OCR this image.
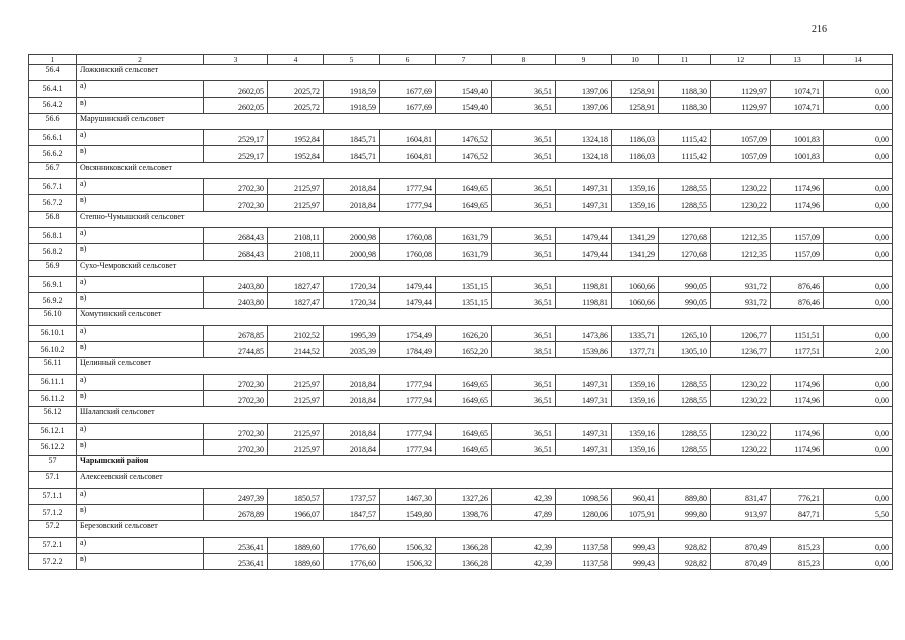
216
1	2	3	4	5	6	7	8	9	10	11	12	13	14
56.4	Ложкинский сельсовет												
56.4.1	а)	2602,05	2025,72	1918,59	1677,69	1549,40	36,51	1397,06	1258,91	1188,30	1129,97	1074,71	0,00
56.4.2	в)	2602,05	2025,72	1918,59	1677,69	1549,40	36,51	1397,06	1258,91	1188,30	1129,97	1074,71	0,00
56.6	Марушинский сельсовет												
56.6.1	а)	2529,17	1952,84	1845,71	1604,81	1476,52	36,51	1324,18	1186,03	1115,42	1057,09	1001,83	0,00
56.6.2	в)	2529,17	1952,84	1845,71	1604,81	1476,52	36,51	1324,18	1186,03	1115,42	1057,09	1001,83	0,00
56.7	Овсянниковский сельсовет												
56.7.1	а)	2702,30	2125,97	2018,84	1777,94	1649,65	36,51	1497,31	1359,16	1288,55	1230,22	1174,96	0,00
56.7.2	в)	2702,30	2125,97	2018,84	1777,94	1649,65	36,51	1497,31	1359,16	1288,55	1230,22	1174,96	0,00
56.8	Степно-Чумышский сельсовет												
56.8.1	а)	2684,43	2108,11	2000,98	1760,08	1631,79	36,51	1479,44	1341,29	1270,68	1212,35	1157,09	0,00
56.8.2	в)	2684,43	2108,11	2000,98	1760,08	1631,79	36,51	1479,44	1341,29	1270,68	1212,35	1157,09	0,00
56.9	Сухо-Чемровский сельсовет												
56.9.1	а)	2403,80	1827,47	1720,34	1479,44	1351,15	36,51	1198,81	1060,66	990,05	931,72	876,46	0,00
56.9.2	в)	2403,80	1827,47	1720,34	1479,44	1351,15	36,51	1198,81	1060,66	990,05	931,72	876,46	0,00
56.10	Хомутинский сельсовет												
56.10.1	а)	2678,85	2102,52	1995,39	1754,49	1626,20	36,51	1473,86	1335,71	1265,10	1206,77	1151,51	0,00
56.10.2	в)	2744,85	2144,52	2035,39	1784,49	1652,20	38,51	1539,86	1377,71	1305,10	1236,77	1177,51	2,00
56.11	Целинный сельсовет												
56.11.1	а)	2702,30	2125,97	2018,84	1777,94	1649,65	36,51	1497,31	1359,16	1288,55	1230,22	1174,96	0,00
56.11.2	в)	2702,30	2125,97	2018,84	1777,94	1649,65	36,51	1497,31	1359,16	1288,55	1230,22	1174,96	0,00
56.12	Шалапский сельсовет												
56.12.1	а)	2702,30	2125,97	2018,84	1777,94	1649,65	36,51	1497,31	1359,16	1288,55	1230,22	1174,96	0,00
56.12.2	в)	2702,30	2125,97	2018,84	1777,94	1649,65	36,51	1497,31	1359,16	1288,55	1230,22	1174,96	0,00
57	Чарышский район												
57.1	Алексеевский сельсовет												
57.1.1	а)	2497,39	1850,57	1737,57	1467,30	1327,26	42,39	1098,56	960,41	889,80	831,47	776,21	0,00
57.1.2	в)	2678,89	1966,07	1847,57	1549,80	1398,76	47,89	1280,06	1075,91	999,80	913,97	847,71	5,50
57.2	Березовский сельсовет												
57.2.1	а)	2536,41	1889,60	1776,60	1506,32	1366,28	42,39	1137,58	999,43	928,82	870,49	815,23	0,00
57.2.2	в)	2536,41	1889,60	1776,60	1506,32	1366,28	42,39	1137,58	999,43	928,82	870,49	815,23	0,00
